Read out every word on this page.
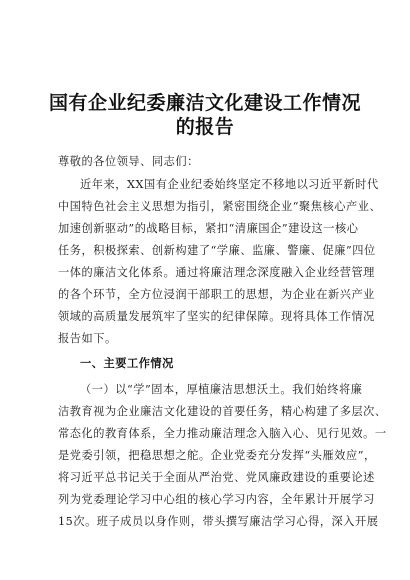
国有企业纪委廉洁文化建设工作情况
的报告
尊敬的各位领导、同志们：
近年来，XX国有企业纪委始终坚定不移地以习近平新时代
中国特色社会主义思想为指引，紧密围绕企业“聚焦核心产业、
加速创新驱动”的战略目标，紧扣“清廉国企”建设这一核心
任务，积极探索、创新构建了“学廉、监廉、警廉、促廉”四位
一体的廉洁文化体系。通过将廉洁理念深度融入企业经营管理
的各个环节，全方位浸润干部职工的思想，为企业在新兴产业
领域的高质量发展筑牢了坚实的纪律保障。现将具体工作情况
报告如下。
一、主要工作情况
（一）以“学”固本，厚植廉洁思想沃土。我们始终将廉
洁教育视为企业廉洁文化建设的首要任务，精心构建了多层次、
常态化的教育体系，全力推动廉洁理念入脑入心、见行见效。一
是党委引领，把稳思想之舵。企业党委充分发挥“头雁效应”，
将习近平总书记关于全面从严治党、党风廉政建设的重要论述
列为党委理论学习中心组的核心学习内容，全年累计开展学习
15次。班子成员以身作则，带头撰写廉洁学习心得，深入开展
